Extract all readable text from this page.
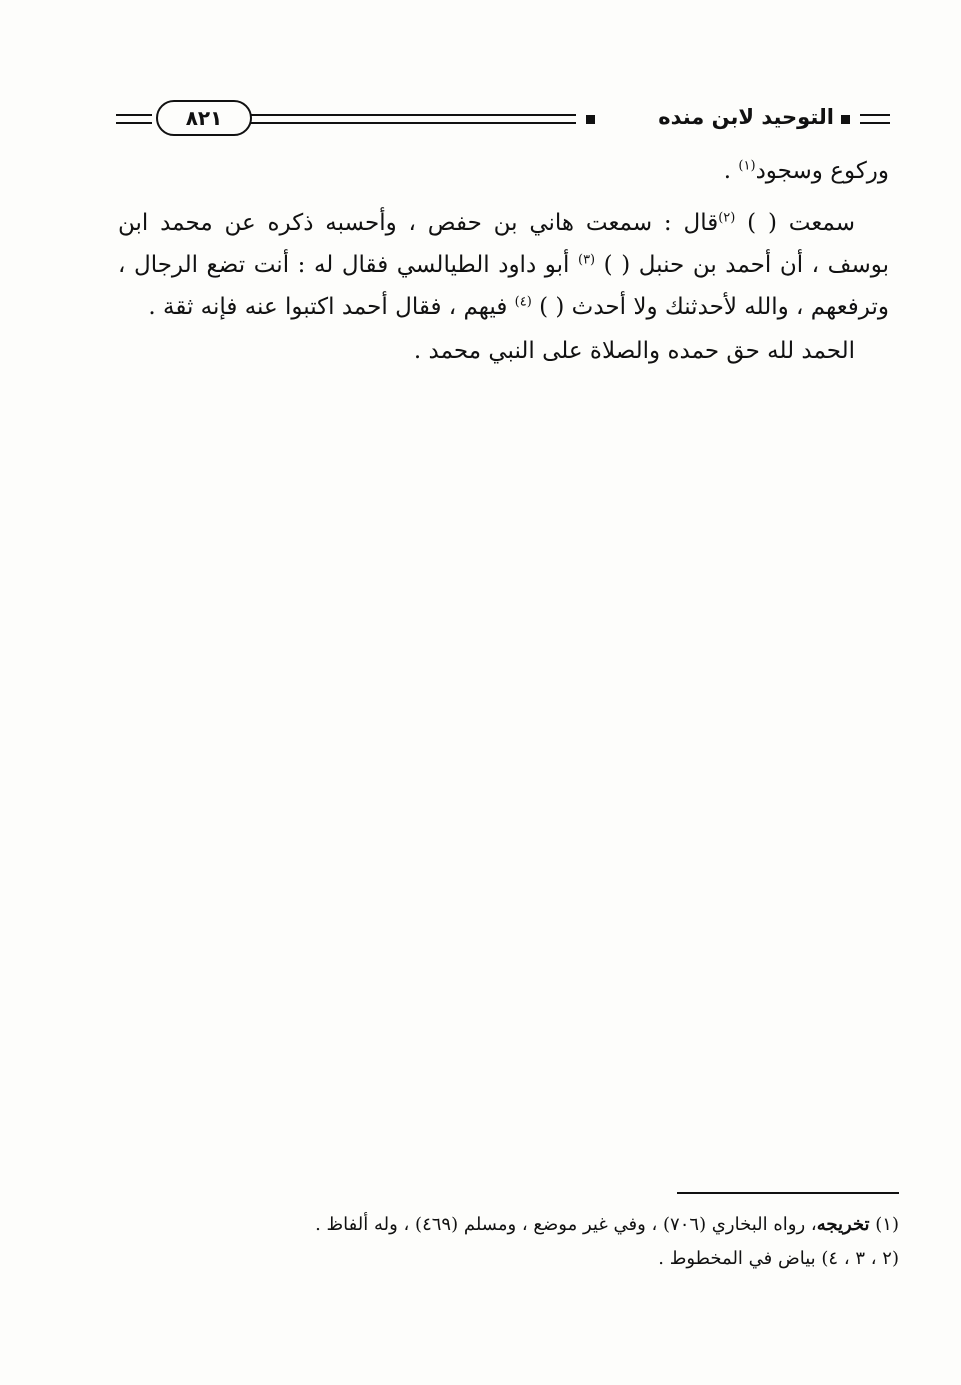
التوحيد لابن منده
٨٢١

وركوع وسجود$^{(١)}$ .

سمعت ( ) $^{(٢)}$قال : سمعت هاني بن حفص ، وأحسبه ذكره عن محمد ابن بوسف ، أن أحمد بن حنبل ( ) $^{(٣)}$ أبو داود الطيالسي فقال له : أنت تضع الرجال ، وترفعهم ، والله لأحدثنك ولا أحدث ( ) $^{(٤)}$ فيهم ، فقال أحمد اكتبوا عنه فإنه ثقة .

الحمد لله حق حمده والصلاة على النبي محمد .

(١) تخريجه، رواه البخاري (٧٠٦) ، وفي غير موضع ، ومسلم (٤٦٩) ، وله ألفاظ .

(٢ ، ٣ ، ٤) بياض في المخطوط .
